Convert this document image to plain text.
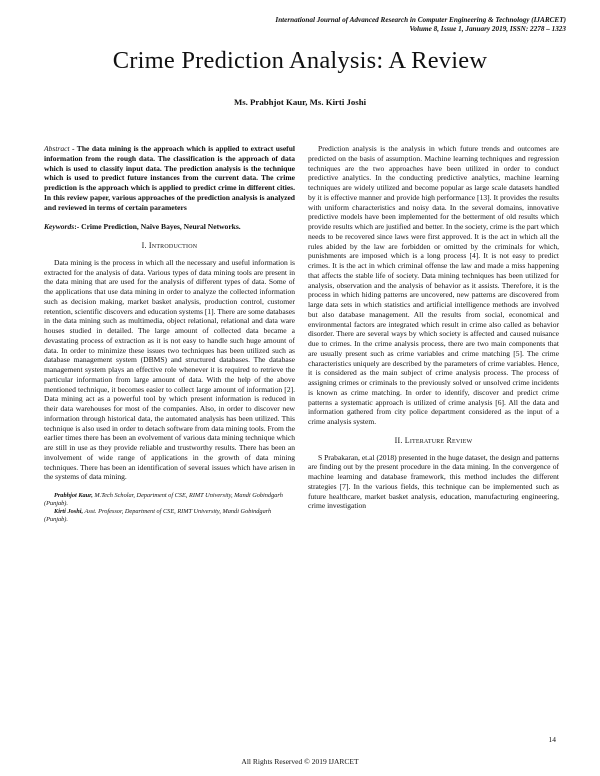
International Journal of Advanced Research in Computer Engineering & Technology (IJARCET)
Volume 8, Issue 1, January 2019, ISSN: 2278 – 1323
Crime Prediction Analysis: A Review
Ms. Prabhjot Kaur, Ms. Kirti Joshi

Abstract - The data mining is the approach which is applied to extract useful information from the rough data. The classification is the approach of data which is used to classify input data. The prediction analysis is the technique which is used to predict future instances from the current data. The crime prediction is the approach which is applied to predict crime in different cities. In this review paper, various approaches of the prediction analysis is analyzed and reviewed in terms of certain parameters

Keywords:- Crime Prediction, Naïve Bayes, Neural Networks.

I. Introduction

Data mining is the process in which all the necessary and useful information is extracted for the analysis of data. Various types of data mining tools are present in the data mining that are used for the analysis of different types of data. Some of the applications that use data mining in order to analyze the collected information such as decision making, market basket analysis, production control, customer retention, scientific discovers and education systems [1]. There are some databases in the data mining such as multimedia, object relational, relational and data ware houses studied in detailed. The large amount of collected data became a devastating process of extraction as it is not easy to handle such huge amount of data. In order to minimize these issues two techniques has been utilized such as database management system (DBMS) and structured databases. The database management system plays an effective role whenever it is required to retrieve the particular information from large amount of data. With the help of the above mentioned technique, it becomes easier to collect large amount of information [2]. Data mining act as a powerful tool by which present information is reduced in their data warehouses for most of the companies. Also, in order to discover new information through historical data, the automated analysis has been utilized. This technique is also used in order to detach software from data mining tools. From the earlier times there has been an evolvement of various data mining technique which are still in use as they provide reliable and trustworthy results. There has been an involvement of wide range of applications in the growth of data mining techniques. There has been an identification of several issues which have arisen in the systems of data mining.

Prabhjot Kaur, M.Tech Scholar, Department of CSE, RIMT University, Mandi Gobindgarh (Punjab).

Kirti Joshi, Asst. Professor, Department of CSE, RIMT University, Mandi Gobindgarh (Punjab).

Prediction analysis is the analysis in which future trends and outcomes are predicted on the basis of assumption. Machine learning techniques and regression techniques are the two approaches have been utilized in order to conduct predictive analytics. In the conducting predictive analytics, machine learning techniques are widely utilized and become popular as large scale datasets handled by it is effective manner and provide high performance [13]. It provides the results with uniform characteristics and noisy data. In the several domains, innovative predictive models have been implemented for the betterment of old results which provide results which are justified and better. In the society, crime is the part which needs to be recovered since laws were first approved. It is the act in which all the rules abided by the law are forbidden or omitted by the criminals for which, punishments are imposed which is a long process [4]. It is not easy to predict crimes. It is the act in which criminal offense the law and made a miss happening that affects the stable life of society. Data mining techniques has been utilized for analysis, observation and the analysis of behavior as it assists. Therefore, it is the process in which hiding patterns are uncovered, new patterns are discovered from large data sets in which statistics and artificial intelligence methods are involved but also database management. All the results from social, economical and environmental factors are integrated which result in crime also called as behavior disorder. There are several ways by which society is affected and caused nuisance due to crimes. In the crime analysis process, there are two main components that are usually present such as crime variables and crime matching [5]. The crime characteristics uniquely are described by the parameters of crime variables. Hence, it is considered as the main subject of crime analysis process. The process of assigning crimes or criminals to the previously solved or unsolved crime incidents is known as crime matching. In order to identify, discover and predict crime patterns a systematic approach is utilized of crime analysis [6]. All the data and information gathered from city police department considered as the input of a crime analysis system.

II. Literature Review

S Prabakaran, et.al (2018) presented in the huge dataset, the design and patterns are finding out by the present procedure in the data mining. In the convergence of machine learning and database framework, this method includes the different strategies [7]. In the various fields, this technique can be implemented such as future healthcare, market basket analysis, education, manufacturing engineering, crime investigation

14
All Rights Reserved © 2019 IJARCET
